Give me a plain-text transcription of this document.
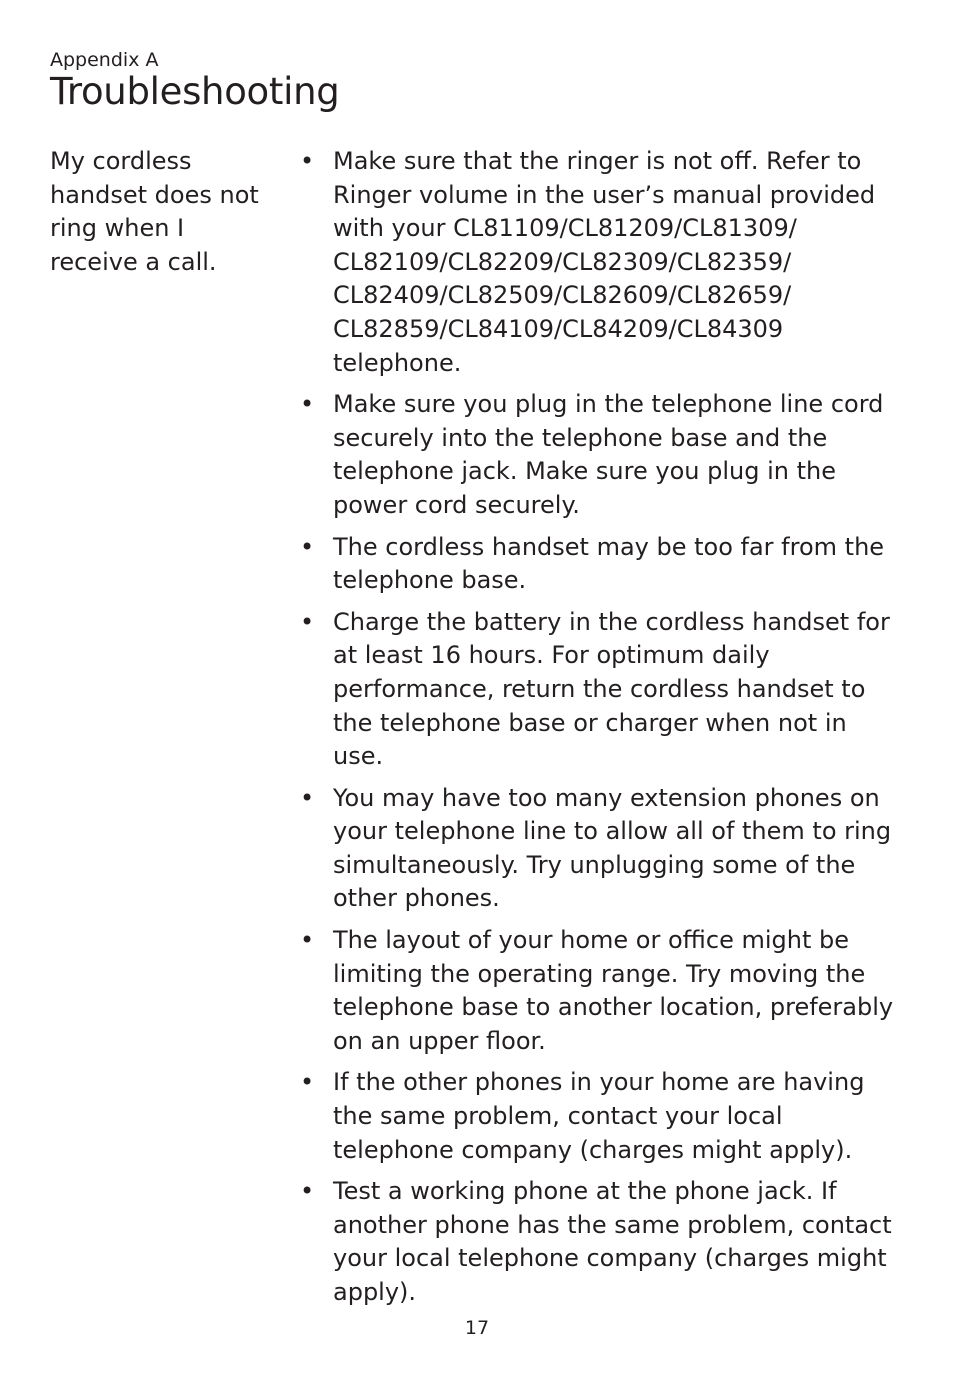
Appendix A
Troubleshooting
My cordless handset does not ring when I receive a call.
• Make sure that the ringer is not off. Refer to Ringer volume in the user’s manual provided with your CL81109/CL81209/CL81309/ CL82109/CL82209/CL82309/CL82359/ CL82409/CL82509/CL82609/CL82659/ CL82859/CL84109/CL84209/CL84309 telephone.
• Make sure you plug in the telephone line cord securely into the telephone base and the telephone jack. Make sure you plug in the power cord securely.
• The cordless handset may be too far from the telephone base.
• Charge the battery in the cordless handset for at least 16 hours. For optimum daily performance, return the cordless handset to the telephone base or charger when not in use.
• You may have too many extension phones on your telephone line to allow all of them to ring simultaneously. Try unplugging some of the other phones.
• The layout of your home or office might be limiting the operating range. Try moving the telephone base to another location, preferably on an upper floor.
• If the other phones in your home are having the same problem, contact your local telephone company (charges might apply).
• Test a working phone at the phone jack. If another phone has the same problem, contact your local telephone company (charges might apply).
17
